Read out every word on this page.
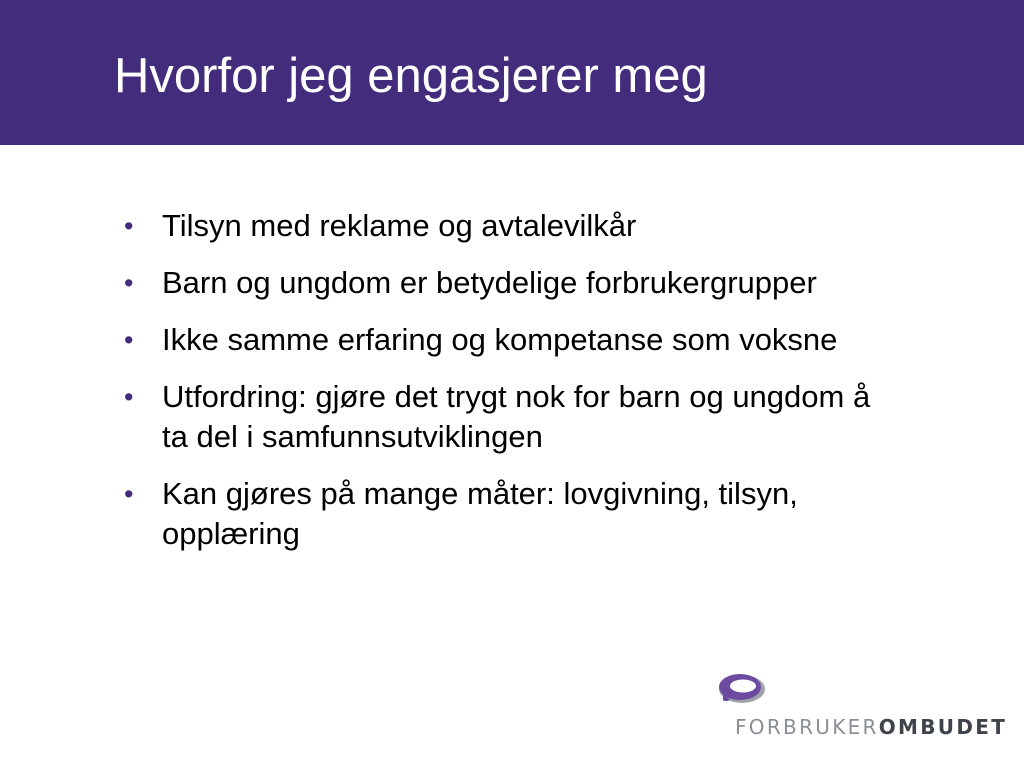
Hvorfor jeg engasjerer meg
• Tilsyn med reklame og avtalevilkår
• Barn og ungdom er betydelige forbrukergrupper
• Ikke samme erfaring og kompetanse som voksne
• Utfordring: gjøre det trygt nok for barn og ungdom å ta del i samfunnsutviklingen
• Kan gjøres på mange måter: lovgivning, tilsyn, opplæring
FORBRUKEROMBUDET
